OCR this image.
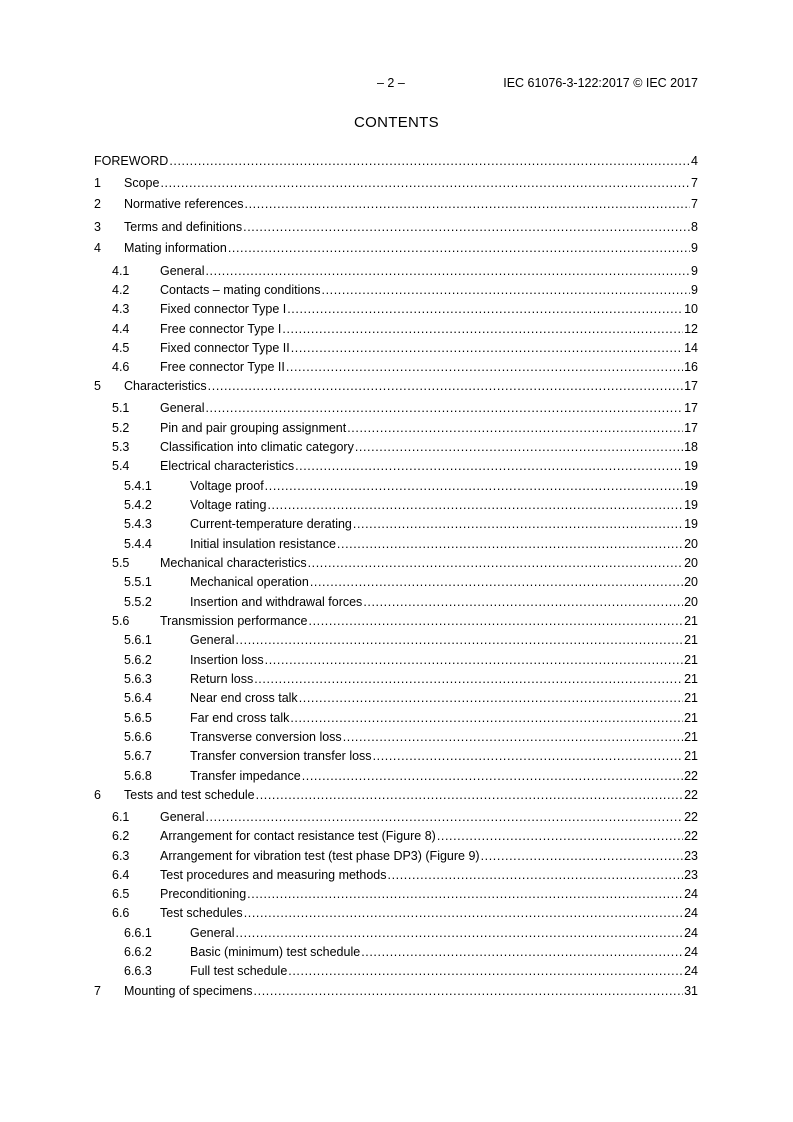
– 2 –	IEC 61076-3-122:2017 © IEC 2017
CONTENTS
FOREWORD .....	4
1 Scope .....	7
2 Normative references .....	7
3 Terms and definitions .....	8
4 Mating information .....	9
4.1 General .....	9
4.2 Contacts – mating conditions .....	9
4.3 Fixed connector Type I .....	10
4.4 Free connector Type I .....	12
4.5 Fixed connector Type II .....	14
4.6 Free connector Type II .....	16
5 Characteristics .....	17
5.1 General .....	17
5.2 Pin and pair grouping assignment .....	17
5.3 Classification into climatic category .....	18
5.4 Electrical characteristics .....	19
5.4.1	Voltage proof .....	19
5.4.2	Voltage rating .....	19
5.4.3	Current-temperature derating .....	19
5.4.4	Initial insulation resistance .....	20
5.5 Mechanical characteristics .....	20
5.5.1	Mechanical operation .....	20
5.5.2	Insertion and withdrawal forces .....	20
5.6 Transmission performance .....	21
5.6.1	General .....	21
5.6.2	Insertion loss .....	21
5.6.3	Return loss .....	21
5.6.4	Near end cross talk .....	21
5.6.5	Far end cross talk .....	21
5.6.6	Transverse conversion loss .....	21
5.6.7	Transfer conversion transfer loss .....	21
5.6.8	Transfer impedance .....	22
6 Tests and test schedule .....	22
6.1 General .....	22
6.2 Arrangement for contact resistance test (Figure 8) .....	22
6.3 Arrangement for vibration test (test phase DP3) (Figure 9) .....	23
6.4 Test procedures and measuring methods .....	23
6.5 Preconditioning .....	24
6.6 Test schedules .....	24
6.6.1	General .....	24
6.6.2	Basic (minimum) test schedule .....	24
6.6.3	Full test schedule .....	24
7 Mounting of specimens .....	31
